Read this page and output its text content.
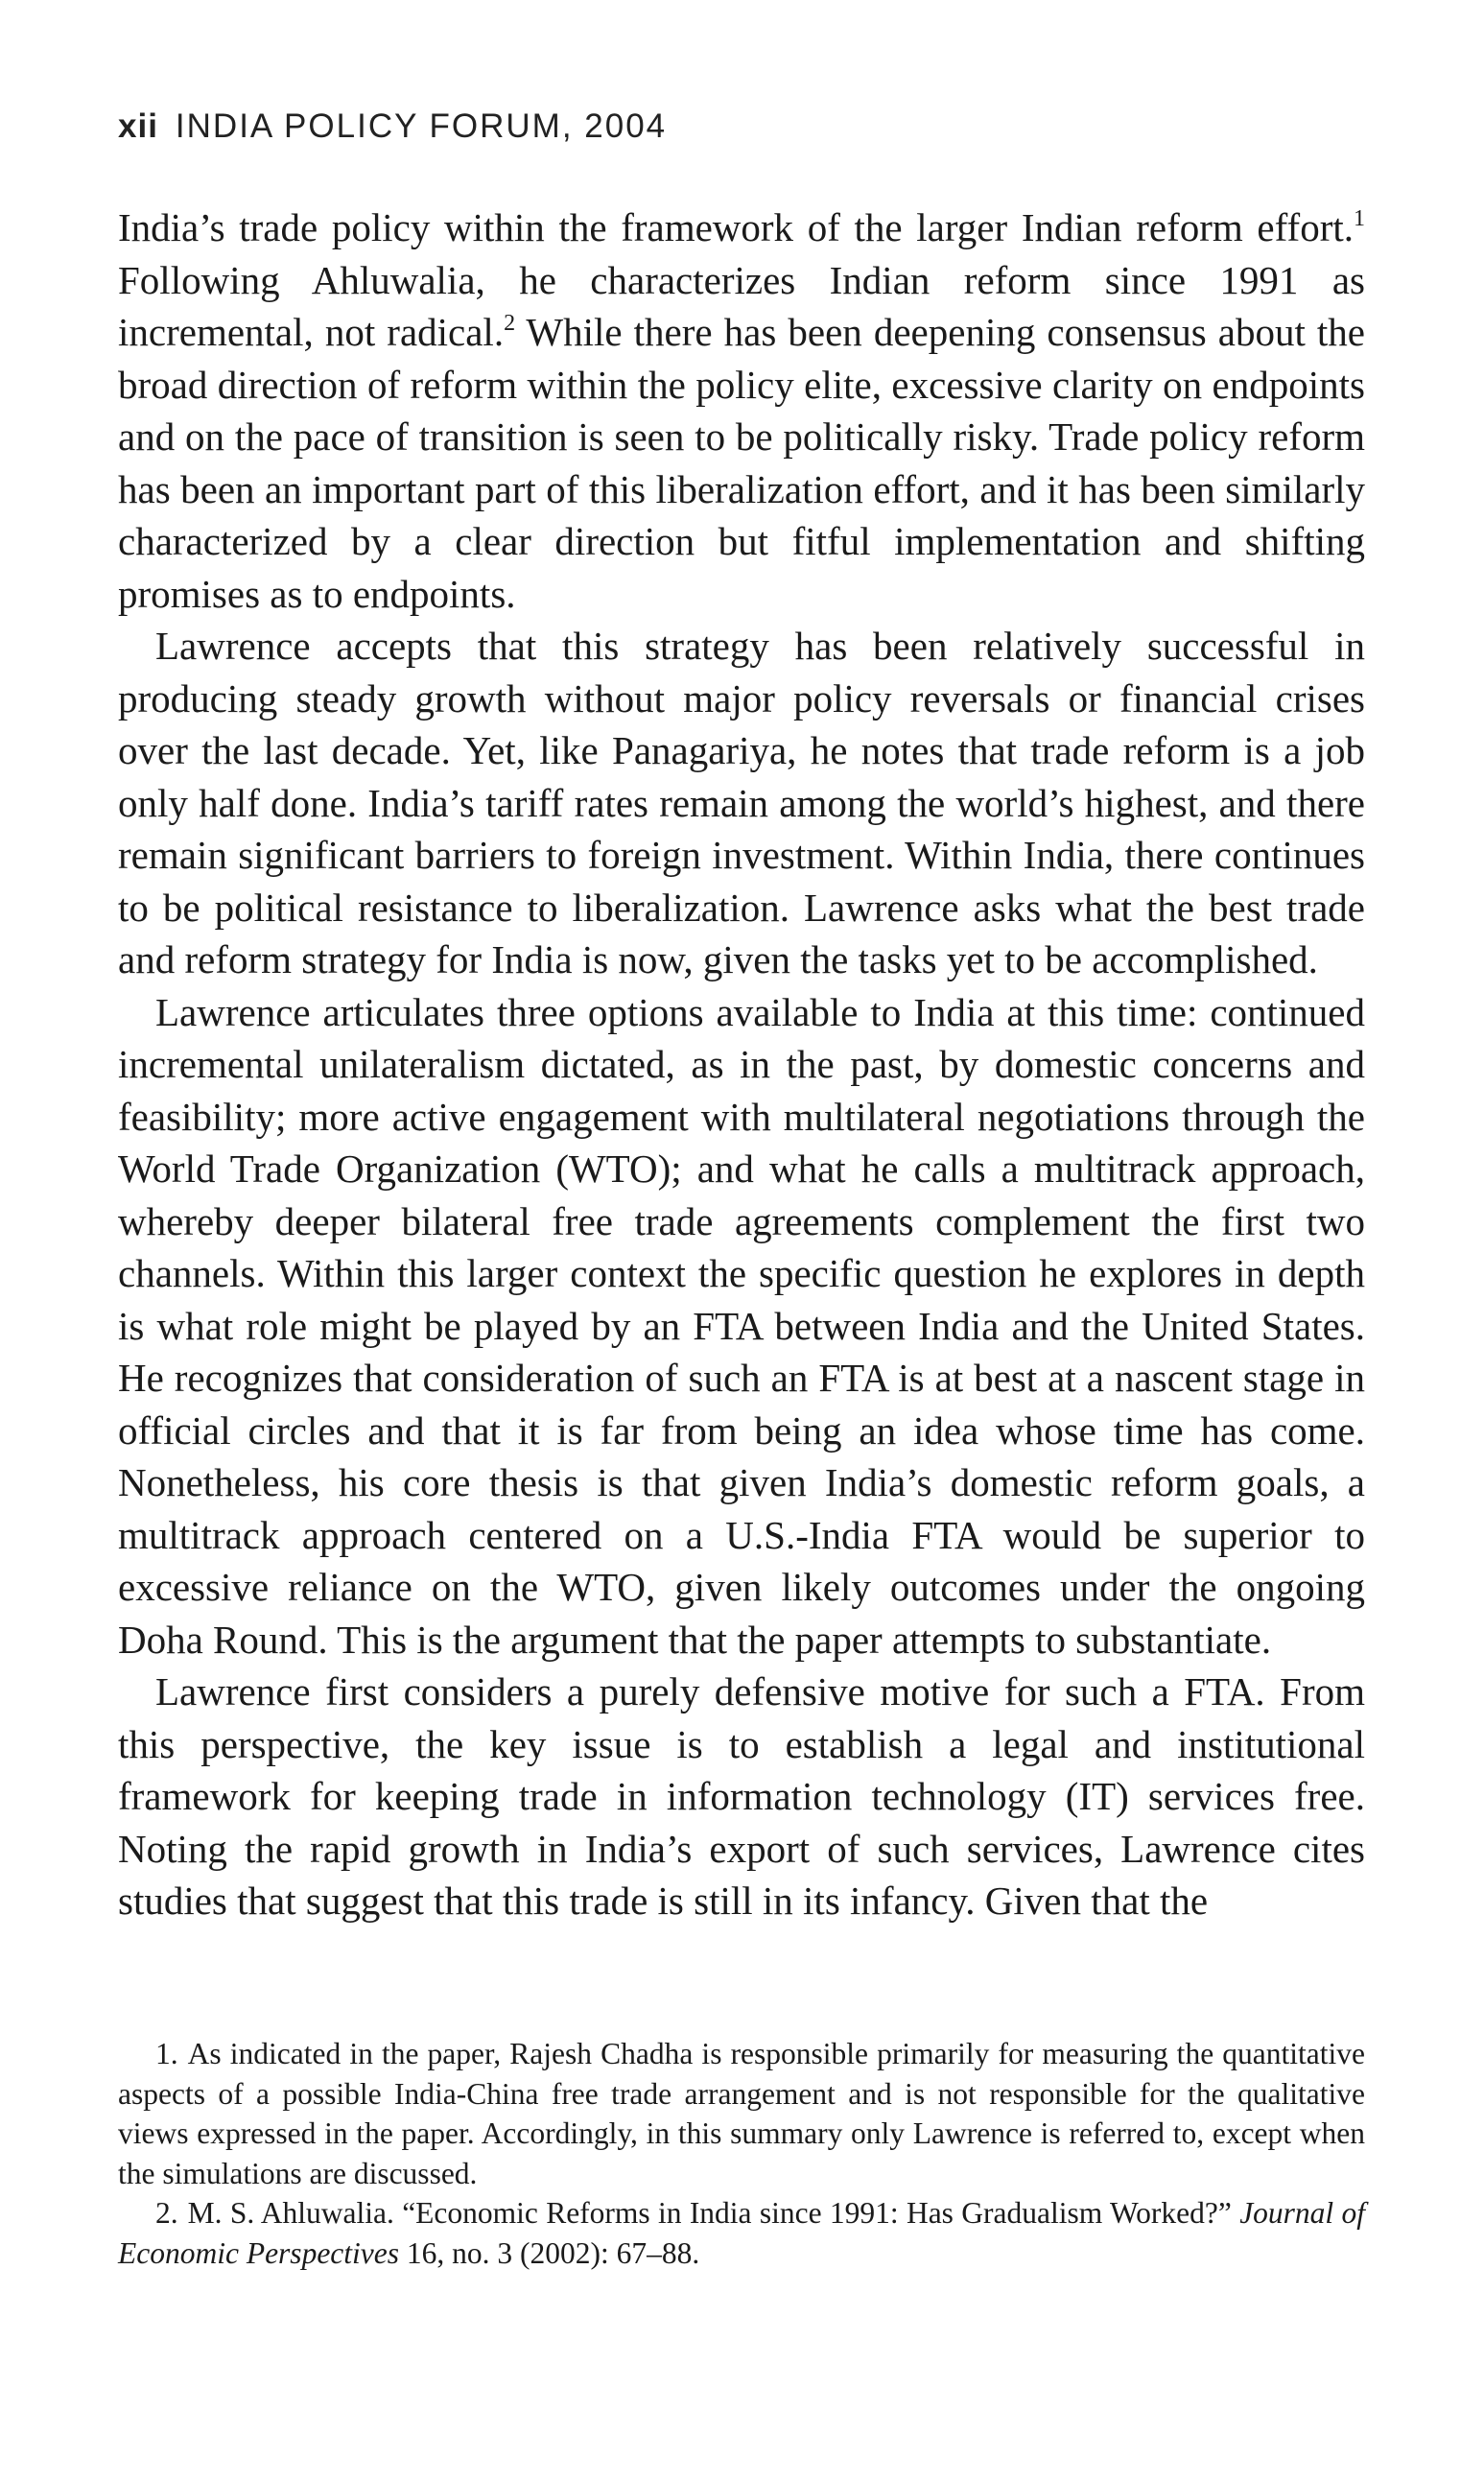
xii INDIA POLICY FORUM, 2004

India’s trade policy within the framework of the larger Indian reform effort.$^1$ Following Ahluwalia, he characterizes Indian reform since 1991 as incremental, not radical.$^2$ While there has been deepening consensus about the broad direction of reform within the policy elite, excessive clarity on endpoints and on the pace of transition is seen to be politically risky. Trade policy reform has been an important part of this liberalization effort, and it has been similarly characterized by a clear direction but fitful implementation and shifting promises as to endpoints.

Lawrence accepts that this strategy has been relatively successful in producing steady growth without major policy reversals or financial crises over the last decade. Yet, like Panagariya, he notes that trade reform is a job only half done. India’s tariff rates remain among the world’s highest, and there remain significant barriers to foreign investment. Within India, there continues to be political resistance to liberalization. Lawrence asks what the best trade and reform strategy for India is now, given the tasks yet to be accomplished.

Lawrence articulates three options available to India at this time: continued incremental unilateralism dictated, as in the past, by domestic concerns and feasibility; more active engagement with multilateral negotiations through the World Trade Organization (WTO); and what he calls a multitrack approach, whereby deeper bilateral free trade agreements complement the first two channels. Within this larger context the specific question he explores in depth is what role might be played by an FTA between India and the United States. He recognizes that consideration of such an FTA is at best at a nascent stage in official circles and that it is far from being an idea whose time has come. Nonetheless, his core thesis is that given India’s domestic reform goals, a multitrack approach centered on a U.S.-India FTA would be superior to excessive reliance on the WTO, given likely outcomes under the ongoing Doha Round. This is the argument that the paper attempts to substantiate.

Lawrence first considers a purely defensive motive for such a FTA. From this perspective, the key issue is to establish a legal and institutional framework for keeping trade in information technology (IT) services free. Noting the rapid growth in India’s export of such services, Lawrence cites studies that suggest that this trade is still in its infancy. Given that the

1. As indicated in the paper, Rajesh Chadha is responsible primarily for measuring the quantitative aspects of a possible India-China free trade arrangement and is not responsible for the qualitative views expressed in the paper. Accordingly, in this summary only Lawrence is referred to, except when the simulations are discussed.

2. M. S. Ahluwalia. “Economic Reforms in India since 1991: Has Gradualism Worked?” Journal of Economic Perspectives 16, no. 3 (2002): 67–88.
